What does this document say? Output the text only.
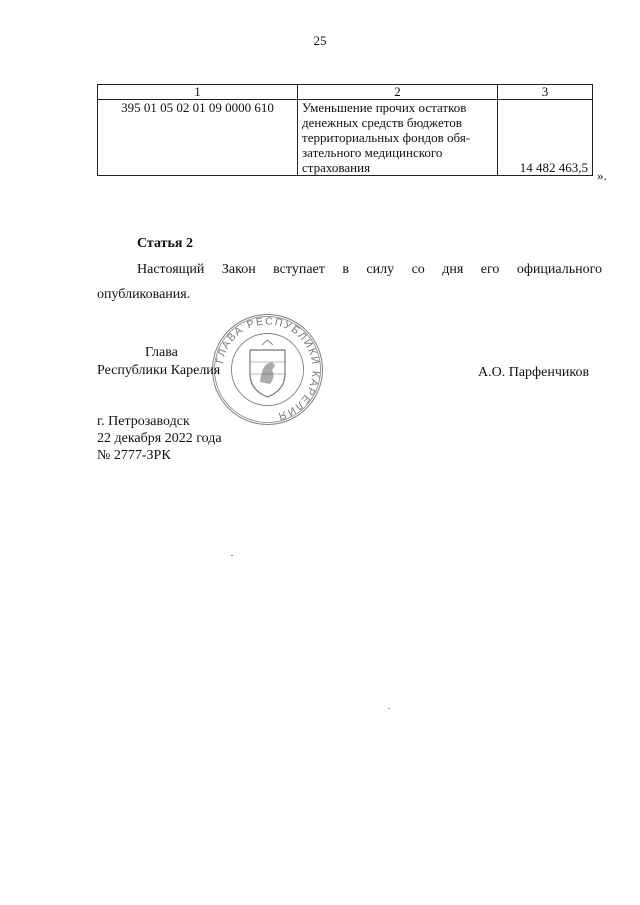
25
1	2	3
395 01 05 02 01 09 0000 610	Уменьшение прочих остатков
денежных средств бюджетов
территориальных фондов обя-
зательного медицинского
страхования	14 482 463,5
».
Статья 2
Настоящий Закон вступает в силу со дня его официального
опубликования.
ГЛАВА РЕСПУБЛИКИ КАРЕЛИЯ
Глава
Республики Карелия	А.О. Парфенчиков
г. Петрозаводск
22 декабря 2022 года
№ 2777-ЗРК
